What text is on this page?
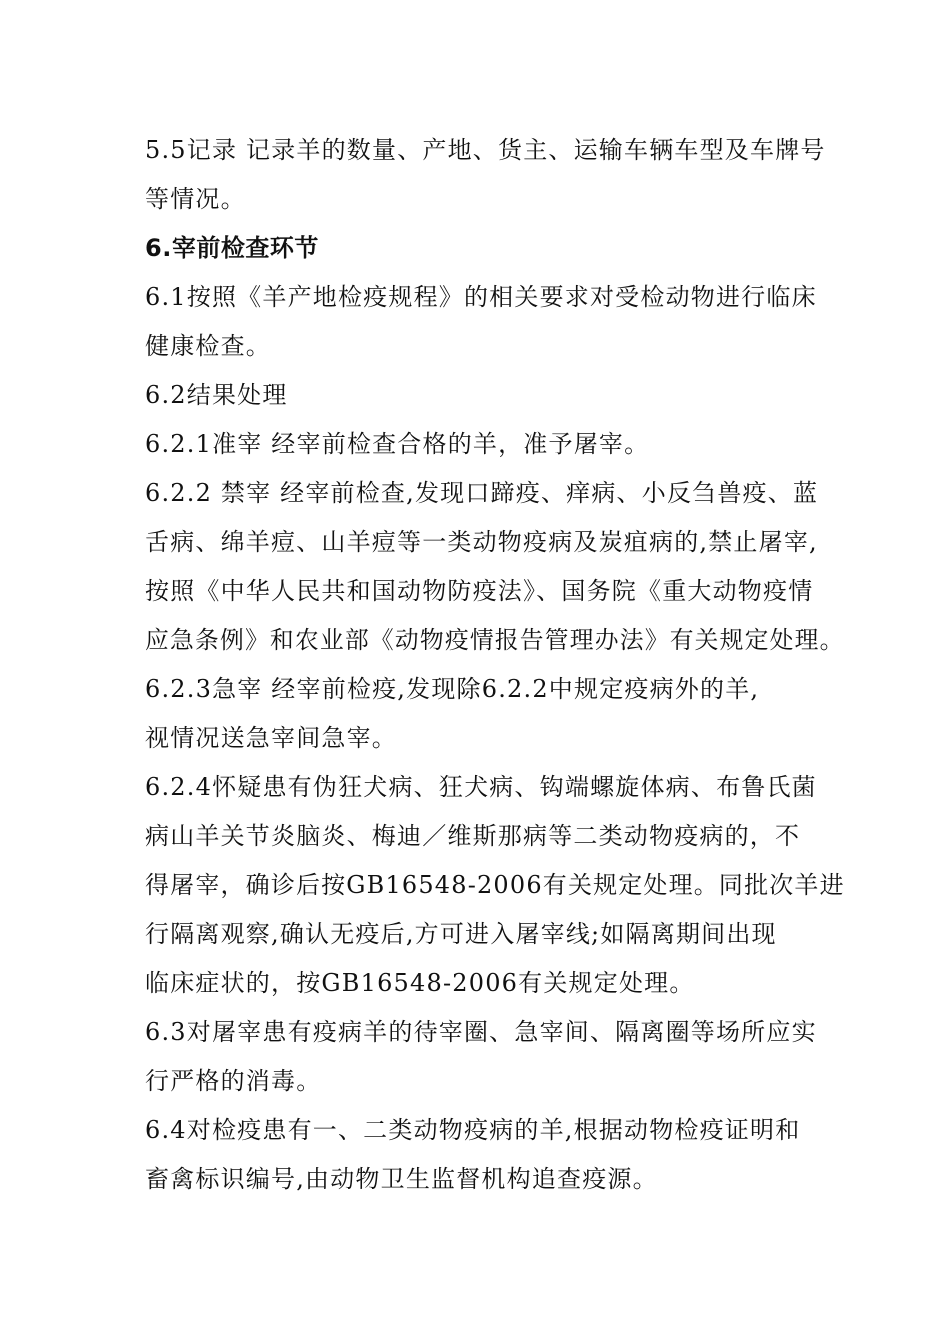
5.5记录 记录羊的数量、产地、货主、运输车辆车型及车牌号
等情况。
6.宰前检查环节
6.1按照《羊产地检疫规程》的相关要求对受检动物进行临床
健康检查。
6.2结果处理
6.2.1准宰 经宰前检查合格的羊，准予屠宰。
6.2.2 禁宰 经宰前检查,发现口蹄疫、痒病、小反刍兽疫、蓝
舌病、绵羊痘、山羊痘等一类动物疫病及炭疽病的,禁止屠宰,
按照《中华人民共和国动物防疫法》、国务院《重大动物疫情
应急条例》和农业部《动物疫情报告管理办法》有关规定处理。
6.2.3急宰 经宰前检疫,发现除6.2.2中规定疫病外的羊,
视情况送急宰间急宰。
6.2.4怀疑患有伪狂犬病、狂犬病、钩端螺旋体病、布鲁氏菌
病山羊关节炎脑炎、梅迪／维斯那病等二类动物疫病的，不
得屠宰，确诊后按GB16548-2006有关规定处理。同批次羊进
行隔离观察,确认无疫后,方可进入屠宰线;如隔离期间出现
临床症状的，按GB16548-2006有关规定处理。
6.3对屠宰患有疫病羊的待宰圈、急宰间、隔离圈等场所应实
行严格的消毒。
6.4对检疫患有一、二类动物疫病的羊,根据动物检疫证明和
畜禽标识编号,由动物卫生监督机构追查疫源。
